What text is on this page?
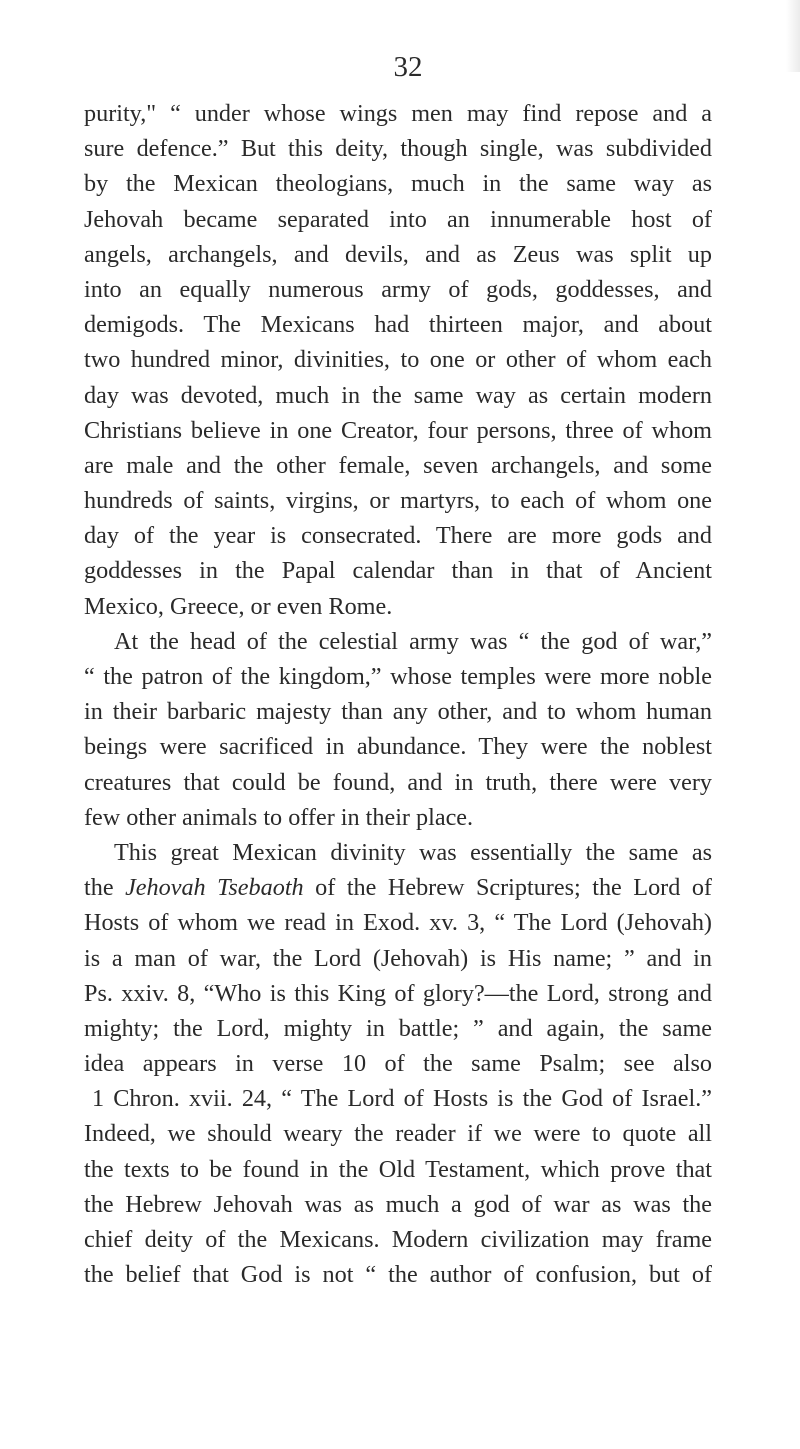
32
purity," “ under whose wings men may find repose and a
sure defence.” But this deity, though single, was subdivided
by the Mexican theologians, much in the same way as
Jehovah became separated into an innumerable host of
angels, archangels, and devils, and as Zeus was split up
into an equally numerous army of gods, goddesses, and
demigods. The Mexicans had thirteen major, and about
two hundred minor, divinities, to one or other of whom each
day was devoted, much in the same way as certain modern
Christians believe in one Creator, four persons, three of whom
are male and the other female, seven archangels, and some
hundreds of saints, virgins, or martyrs, to each of whom one
day of the year is consecrated. There are more gods and
goddesses in the Papal calendar than in that of Ancient
Mexico, Greece, or even Rome.
At the head of the celestial army was “ the god of war,”
“ the patron of the kingdom,” whose temples were more noble
in their barbaric majesty than any other, and to whom human
beings were sacrificed in abundance. They were the noblest
creatures that could be found, and in truth, there were very
few other animals to offer in their place.
This great Mexican divinity was essentially the same as
the Jehovah Tsebaoth of the Hebrew Scriptures; the Lord of
Hosts of whom we read in Exod. xv. 3, “ The Lord (Jehovah)
is a man of war, the Lord (Jehovah) is His name; ” and in
Ps. xxiv. 8, “Who is this King of glory?—the Lord, strong and
mighty; the Lord, mighty in battle; ” and again, the same
idea appears in verse 10 of the same Psalm; see also
1 Chron. xvii. 24, “ The Lord of Hosts is the God of Israel.”
Indeed, we should weary the reader if we were to quote all
the texts to be found in the Old Testament, which prove that
the Hebrew Jehovah was as much a god of war as was the
chief deity of the Mexicans. Modern civilization may frame
the belief that God is not “ the author of confusion, but of
